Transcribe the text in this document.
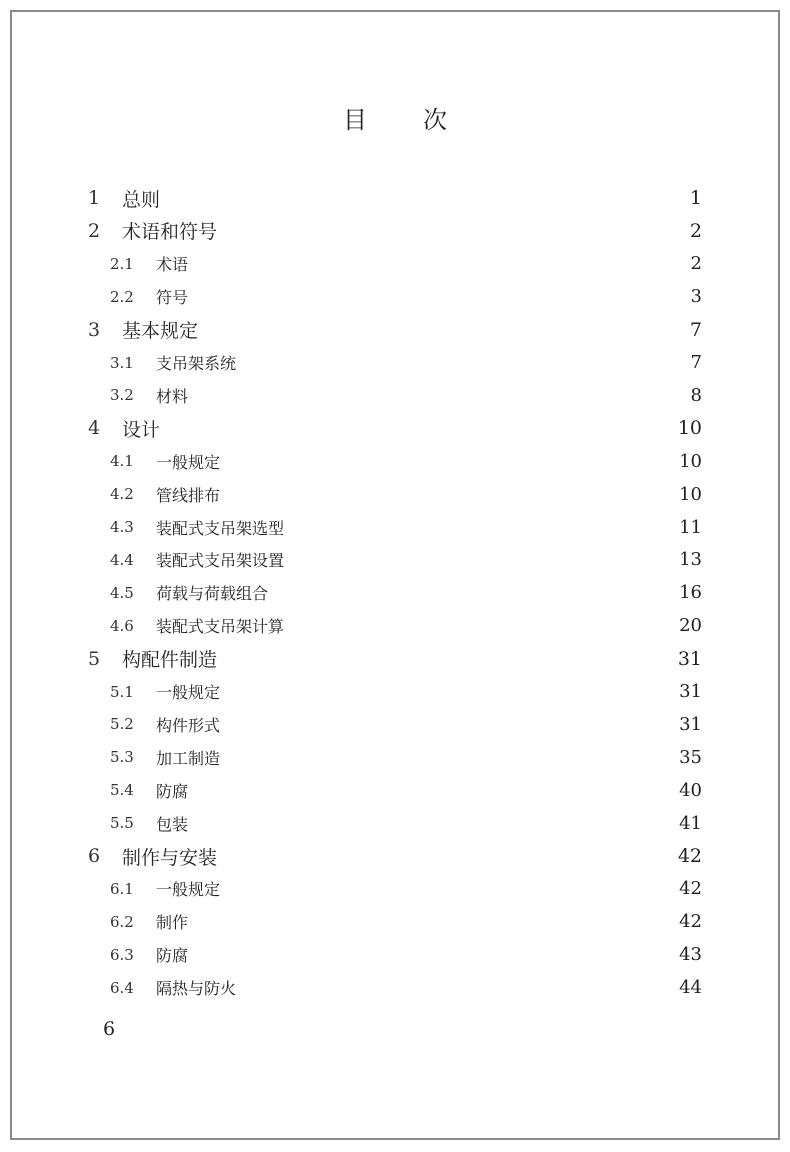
目 次
1	总则	1
2	术语和符号	2
2.1	术语	2
2.2	符号	3
3	基本规定	7
3.1	支吊架系统	7
3.2	材料	8
4	设计	10
4.1	一般规定	10
4.2	管线排布	10
4.3	装配式支吊架选型	11
4.4	装配式支吊架设置	13
4.5	荷载与荷载组合	16
4.6	装配式支吊架计算	20
5	构配件制造	31
5.1	一般规定	31
5.2	构件形式	31
5.3	加工制造	35
5.4	防腐	40
5.5	包装	41
6	制作与安装	42
6.1	一般规定	42
6.2	制作	42
6.3	防腐	43
6.4	隔热与防火	44
6
